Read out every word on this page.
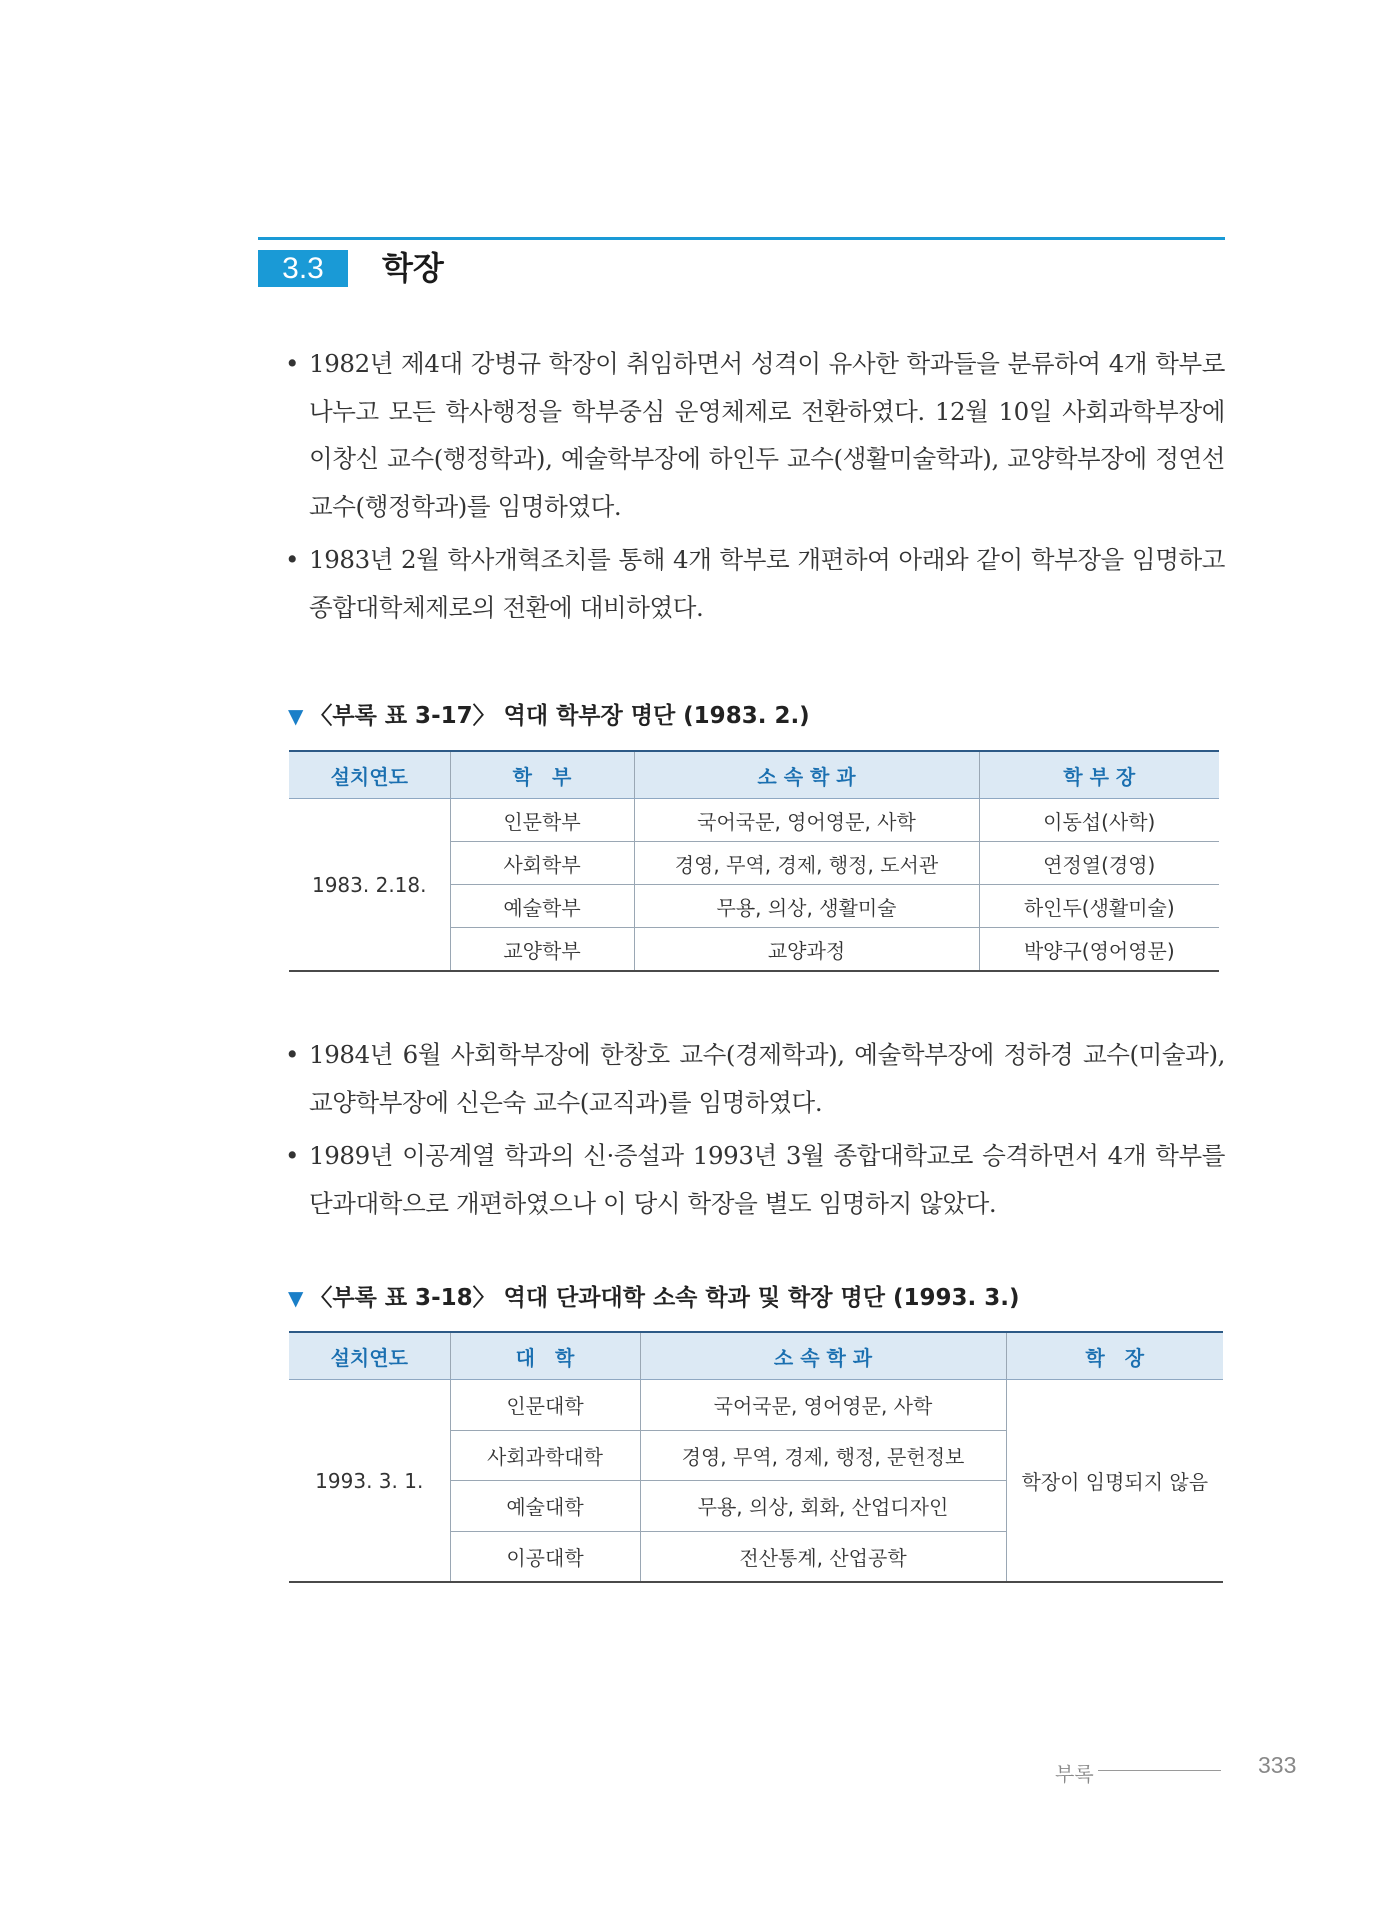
3.3	학장
• 1982년 제4대 강병규 학장이 취임하면서 성격이 유사한 학과들을 분류하여 4개 학부로 나누고 모든 학사행정을 학부중심 운영체제로 전환하였다. 12월 10일 사회과학부장에 이창신 교수(행정학과), 예술학부장에 하인두 교수(생활미술학과), 교양학부장에 정연선 교수(행정학과)를 임명하였다.
• 1983년 2월 학사개혁조치를 통해 4개 학부로 개편하여 아래와 같이 학부장을 임명하고 종합대학체제로의 전환에 대비하였다.
▼ 〈부록 표 3-17〉 역대 학부장 명단 (1983. 2.)
설치연도	학　부	소 속 학 과	학 부 장
1983. 2.18.	인문학부	국어국문, 영어영문, 사학	이동섭(사학)
	사회학부	경영, 무역, 경제, 행정, 도서관	연정열(경영)
	예술학부	무용, 의상, 생활미술	하인두(생활미술)
	교양학부	교양과정	박양구(영어영문)
• 1984년 6월 사회학부장에 한창호 교수(경제학과), 예술학부장에 정하경 교수(미술과), 교양학부장에 신은숙 교수(교직과)를 임명하였다.
• 1989년 이공계열 학과의 신·증설과 1993년 3월 종합대학교로 승격하면서 4개 학부를 단과대학으로 개편하였으나 이 당시 학장을 별도 임명하지 않았다.
▼ 〈부록 표 3-18〉 역대 단과대학 소속 학과 및 학장 명단 (1993. 3.)
설치연도	대　학	소 속 학 과	학　장
1993. 3. 1.	인문대학	국어국문, 영어영문, 사학	학장이 임명되지 않음
	사회과학대학	경영, 무역, 경제, 행정, 문헌정보	
	예술대학	무용, 의상, 회화, 산업디자인	
	이공대학	전산통계, 산업공학	
부록	333
